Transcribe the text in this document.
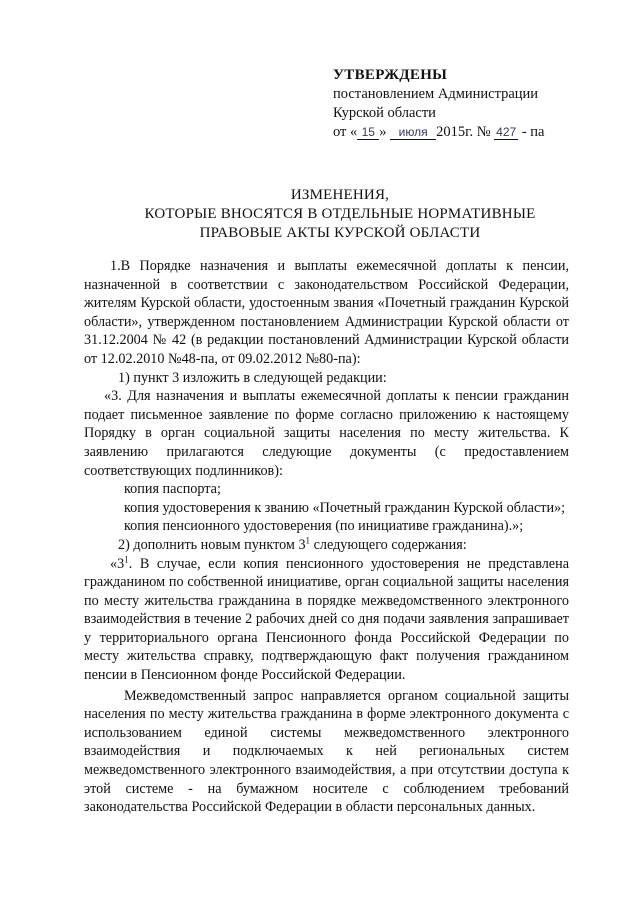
УТВЕРЖДЕНЫ
постановлением Администрации
Курской области
от « 15 » июля 2015г. № 427 - па
ИЗМЕНЕНИЯ,
КОТОРЫЕ ВНОСЯТСЯ В ОТДЕЛЬНЫЕ НОРМАТИВНЫЕ
ПРАВОВЫЕ АКТЫ КУРСКОЙ ОБЛАСТИ

1.В Порядке назначения и выплаты ежемесячной доплаты к пенсии, назначенной в соответствии с законодательством Российской Федерации, жителям Курской области, удостоенным звания «Почетный гражданин Курской области», утвержденном постановлением Администрации Курской области от 31.12.2004 № 42 (в редакции постановлений Администрации Курской области от 12.02.2010 №48-па, от 09.02.2012 №80-па):

1) пункт 3 изложить в следующей редакции:

«3. Для назначения и выплаты ежемесячной доплаты к пенсии гражданин подает письменное заявление по форме согласно приложению к настоящему Порядку в орган социальной защиты населения по месту жительства. К заявлению прилагаются следующие документы (с предоставлением соответствующих подлинников):

копия паспорта;

копия удостоверения к званию «Почетный гражданин Курской области»;

копия пенсионного удостоверения (по инициативе гражданина).»;

2) дополнить новым пунктом $3^1$ следующего содержания:

«$3^1$. В случае, если копия пенсионного удостоверения не представлена гражданином по собственной инициативе, орган социальной защиты населения по месту жительства гражданина в порядке межведомственного электронного взаимодействия в течение 2 рабочих дней со дня подачи заявления запрашивает у территориального органа Пенсионного фонда Российской Федерации по месту жительства справку, подтверждающую факт получения гражданином пенсии в Пенсионном фонде Российской Федерации.

Межведомственный запрос направляется органом социальной защиты населения по месту жительства гражданина в форме электронного документа с использованием единой системы межведомственного электронного взаимодействия и подключаемых к ней региональных систем межведомственного электронного взаимодействия, а при отсутствии доступа к этой системе - на бумажном носителе с соблюдением требований законодательства Российской Федерации в области персональных данных.
